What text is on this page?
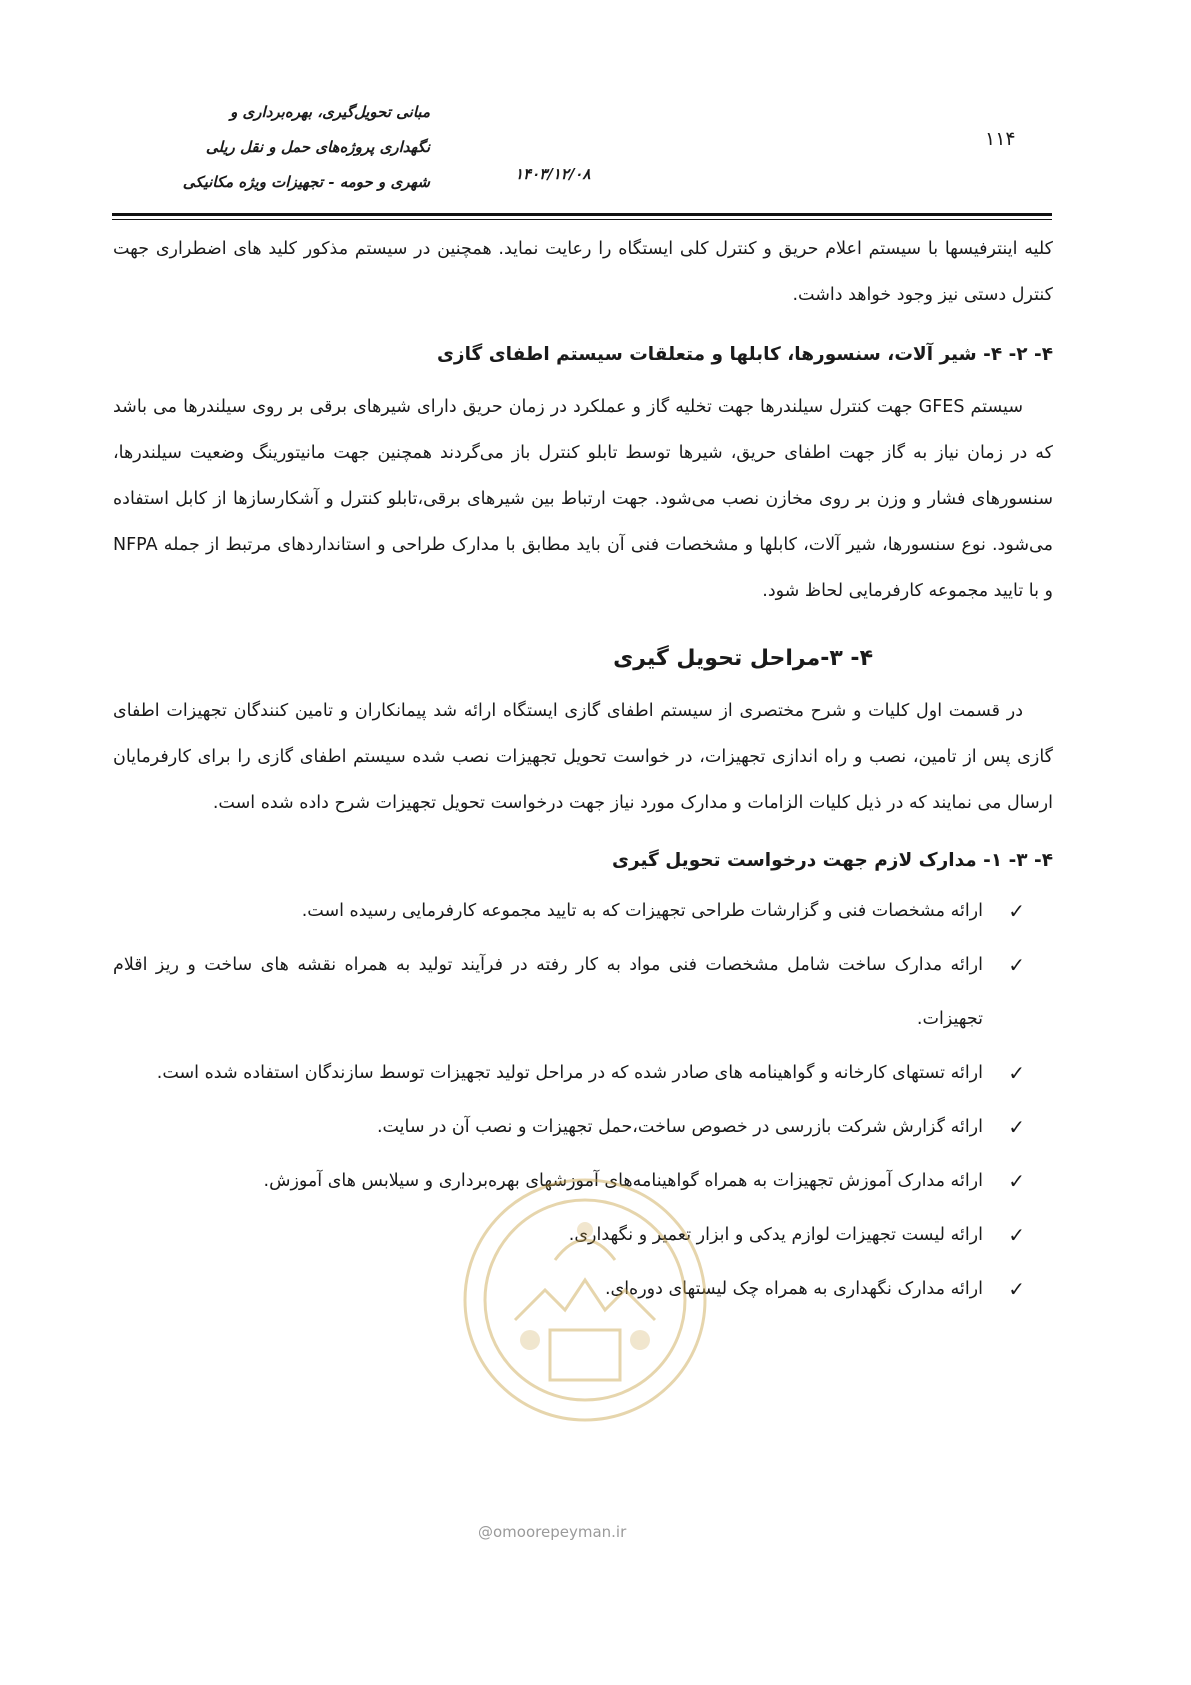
مبانی تحویل‌گیری، بهره‌برداری و
نگهداری پروژه‌های حمل و نقل ریلی
شهری و حومه - تجهیزات ویژه مکانیکی	۱۴۰۳/۱۲/۰۸
۱۱۴

کلیه اینترفیسها با سیستم اعلام حریق و کنترل کلی ایستگاه را رعایت نماید. همچنین در سیستم مذکور کلید های اضطراری جهت کنترل دستی نیز وجود خواهد داشت.

۴- ۲- ۴- شیر آلات، سنسورها، کابلها و متعلقات سیستم اطفای گازی

سیستم GFES جهت کنترل سیلندرها جهت تخلیه گاز و عملکرد در زمان حریق دارای شیرهای برقی بر روی سیلندرها می باشد که در زمان نیاز به گاز جهت اطفای حریق، شیرها توسط تابلو کنترل باز می‌گردند همچنین جهت مانیتورینگ وضعیت سیلندرها، سنسورهای فشار و وزن بر روی مخازن نصب می‌شود. جهت ارتباط بین شیرهای برقی،تابلو کنترل و آشکارسازها از کابل استفاده می‌شود. نوع سنسورها، شیر آلات، کابلها و مشخصات فنی آن باید مطابق با مدارک طراحی و استانداردهای مرتبط از جمله NFPA و با تایید مجموعه کارفرمایی لحاظ شود.

۴- ۳-مراحل تحویل گیری

در قسمت اول کلیات و شرح مختصری از سیستم اطفای گازی ایستگاه ارائه شد پیمانکاران و تامین کنندگان تجهیزات اطفای گازی پس از تامین، نصب و راه اندازی تجهیزات، در خواست تحویل تجهیزات نصب شده سیستم اطفای گازی را برای کارفرمایان ارسال می نمایند که در ذیل کلیات الزامات و مدارک مورد نیاز جهت درخواست تحویل تجهیزات شرح داده شده است.

۴- ۳- ۱- مدارک لازم جهت درخواست تحویل گیری

✓
ارائه مشخصات فنی و گزارشات طراحی تجهیزات که به تایید مجموعه کارفرمایی رسیده است.
✓
ارائه مدارک ساخت شامل مشخصات فنی مواد به کار رفته در فرآیند تولید به همراه نقشه های ساخت و ریز اقلام تجهیزات.
✓
ارائه تستهای کارخانه و گواهینامه های صادر شده که در مراحل تولید تجهیزات توسط سازندگان استفاده شده است.
✓
ارائه گزارش شرکت بازرسی در خصوص ساخت،حمل تجهیزات و نصب آن در سایت.
✓
ارائه مدارک آموزش تجهیزات به همراه گواهینامه‌های آموزشهای بهره‌برداری و سیلابس های آموزش.
✓
ارائه لیست تجهیزات لوازم یدکی و ابزار تعمیر و نگهداری.
✓
ارائه مدارک نگهداری به همراه چک لیستهای دوره‌ای.
@omoorepeyman.ir
